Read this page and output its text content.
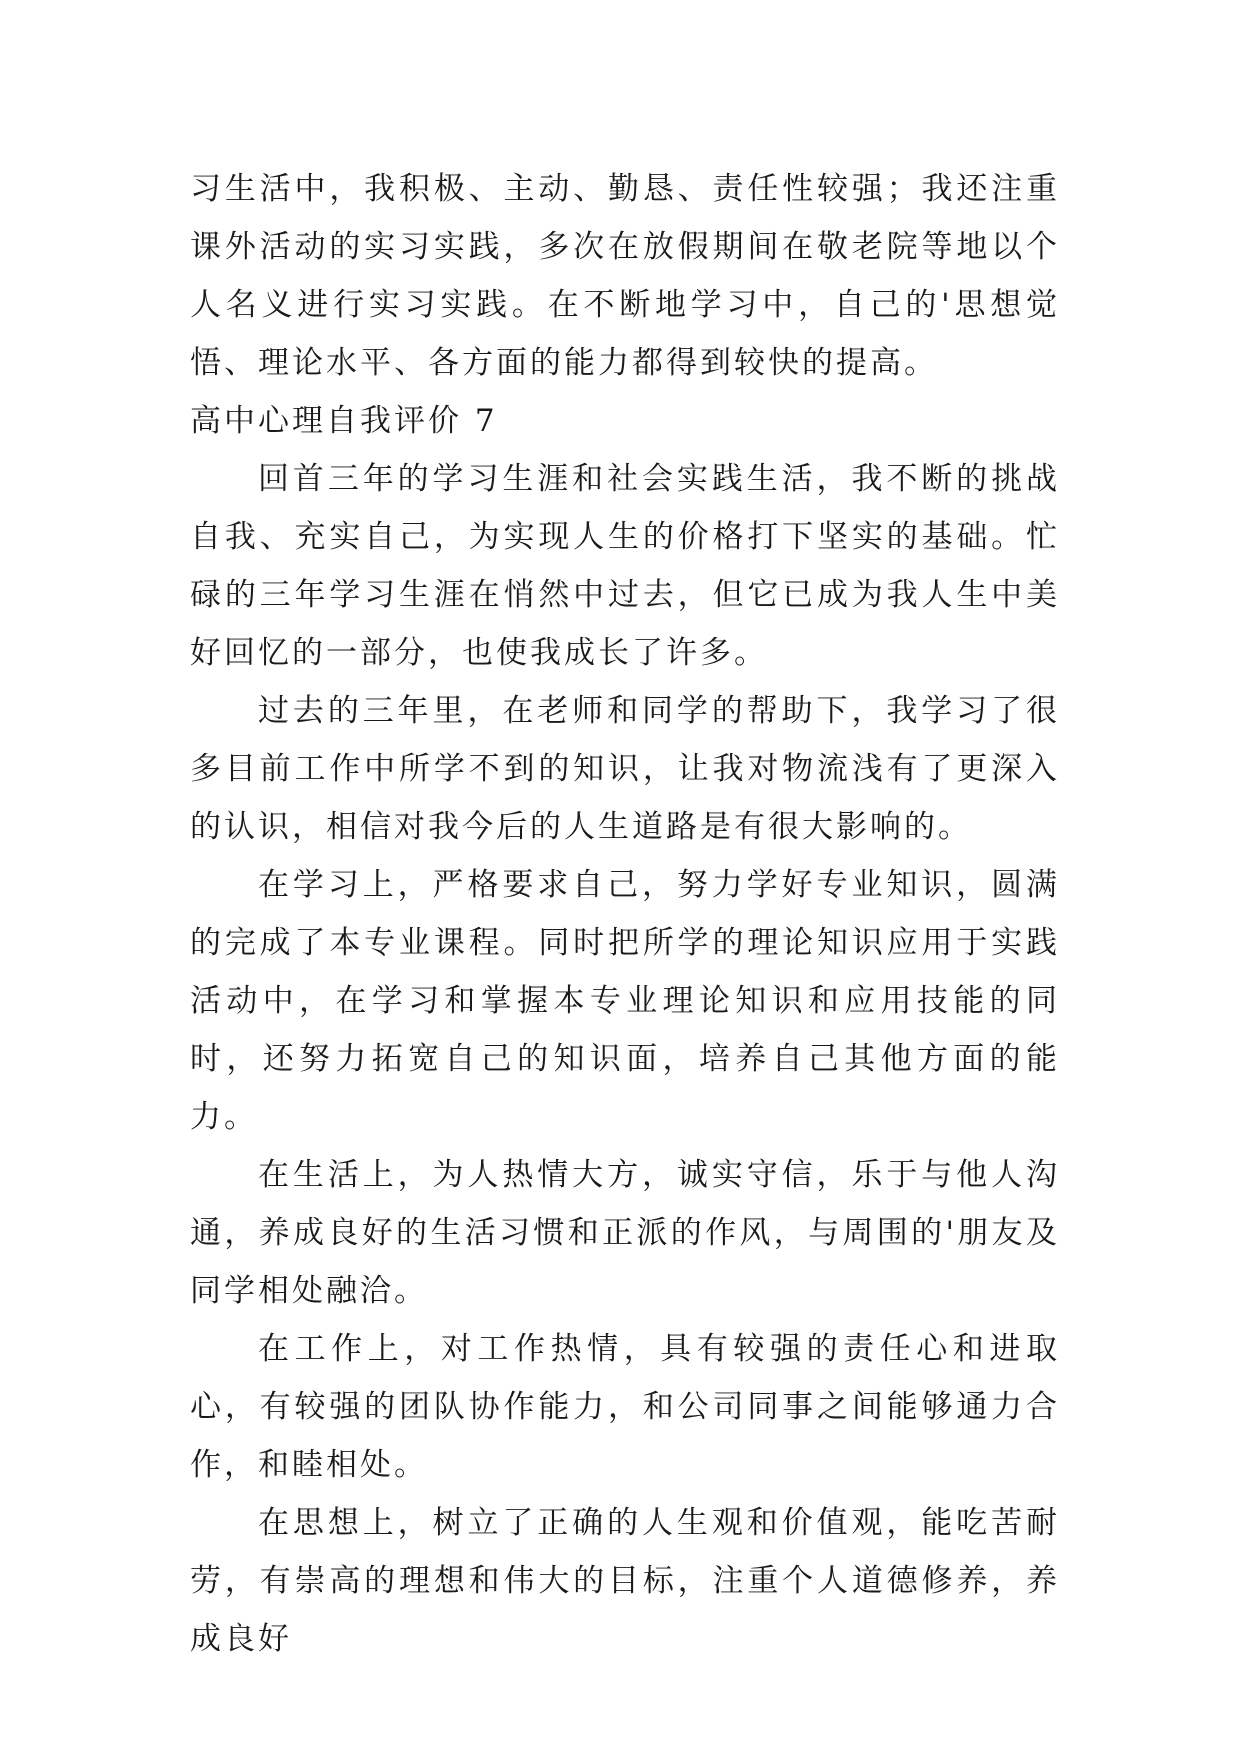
习生活中，我积极、主动、勤恳、责任性较强；我还注重课外活动的实习实践，多次在放假期间在敬老院等地以个人名义进行实习实践。在不断地学习中，自己的'思想觉悟、理论水平、各方面的能力都得到较快的提高。

高中心理自我评价 7

回首三年的学习生涯和社会实践生活，我不断的挑战自我、充实自己，为实现人生的价格打下坚实的基础。忙碌的三年学习生涯在悄然中过去，但它已成为我人生中美好回忆的一部分，也使我成长了许多。

过去的三年里，在老师和同学的帮助下，我学习了很多目前工作中所学不到的知识，让我对物流浅有了更深入的认识，相信对我今后的人生道路是有很大影响的。

在学习上，严格要求自己，努力学好专业知识，圆满的完成了本专业课程。同时把所学的理论知识应用于实践活动中，在学习和掌握本专业理论知识和应用技能的同时，还努力拓宽自己的知识面，培养自己其他方面的能力。

在生活上，为人热情大方，诚实守信，乐于与他人沟通，养成良好的生活习惯和正派的作风，与周围的'朋友及同学相处融洽。

在工作上，对工作热情，具有较强的责任心和进取心，有较强的团队协作能力，和公司同事之间能够通力合作，和睦相处。

在思想上，树立了正确的人生观和价值观，能吃苦耐劳，有崇高的理想和伟大的目标，注重个人道德修养，养成良好
